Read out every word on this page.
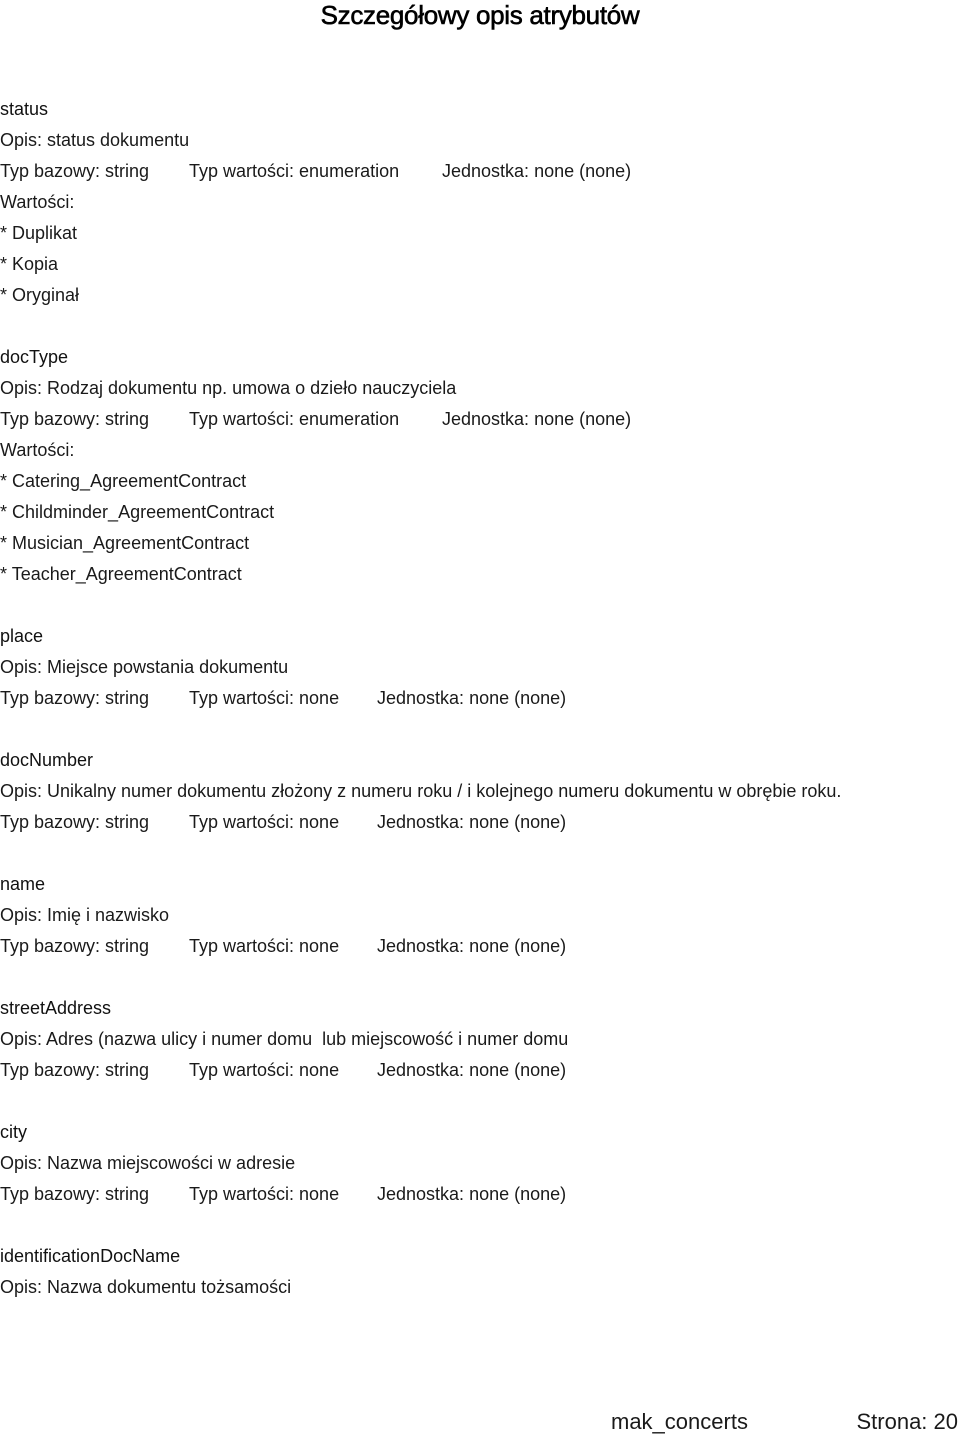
Szczegółowy opis atrybutów
status
Opis: status dokumentu
Typ bazowy: string Typ wartości: enumeration Jednostka: none (none)
Wartości:
* Duplikat
* Kopia
* Oryginał
docType
Opis: Rodzaj dokumentu np. umowa o dzieło nauczyciela
Typ bazowy: string Typ wartości: enumeration Jednostka: none (none)
Wartości:
* Catering_AgreementContract
* Childminder_AgreementContract
* Musician_AgreementContract
* Teacher_AgreementContract
place
Opis: Miejsce powstania dokumentu
Typ bazowy: string Typ wartości: none Jednostka: none (none)
docNumber
Opis: Unikalny numer dokumentu złożony z numeru roku / i kolejnego numeru dokumentu w obrębie roku.
Typ bazowy: string Typ wartości: none Jednostka: none (none)
name
Opis: Imię i nazwisko
Typ bazowy: string Typ wartości: none Jednostka: none (none)
streetAddress
Opis: Adres (nazwa ulicy i numer domu  lub miejscowość i numer domu
Typ bazowy: string Typ wartości: none Jednostka: none (none)
city
Opis: Nazwa miejscowości w adresie
Typ bazowy: string Typ wartości: none Jednostka: none (none)
identificationDocName
Opis: Nazwa dokumentu tożsamości
mak_concerts	Strona: 20
